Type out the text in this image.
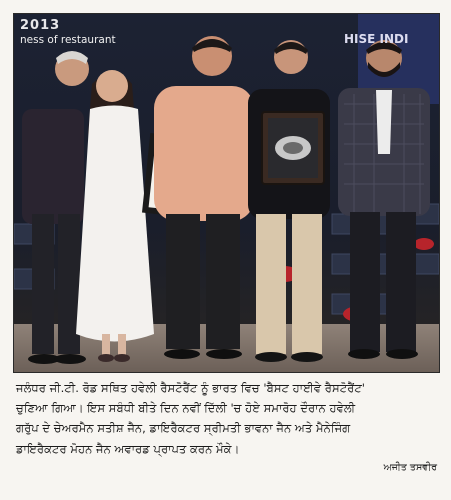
2013
ness of restaurant	HISE INDI

ਜਲੰਧਰ ਜੀ.ਟੀ. ਰੋਡ ਸਥਿਤ ਹਵੇਲੀ ਰੈਸਟੋਰੈਂਟ ਨੂੰ ਭਾਰਤ ਵਿਚ 'ਬੈਸਟ ਹਾਈਵੇ ਰੈਸਟੋਰੈਂਟ'

ਚੁਣਿਆ ਗਿਆ। ਇਸ ਸਬੰਧੀ ਬੀਤੇ ਦਿਨ ਨਵੀਂ ਦਿੱਲੀ 'ਚ ਹੋਏ ਸਮਾਰੋਹ ਦੌਰਾਨ ਹਵੇਲੀ

ਗਰੁੱਪ ਦੇ ਚੇਅਰਮੈਨ ਸਤੀਸ਼ ਜੈਨ, ਡਾਇਰੈਕਟਰ ਸ੍ਰੀਮਤੀ ਭਾਵਨਾ ਜੈਨ ਅਤੇ ਮੈਨੇਜਿੰਗ

ਡਾਇਰੈਕਟਰ ਮੋਹਨ ਜੈਨ ਅਵਾਰਡ ਪ੍ਰਾਪਤ ਕਰਨ ਮੌਕੇ।

ਅਜੀਤ ਤਸਵੀਰ
